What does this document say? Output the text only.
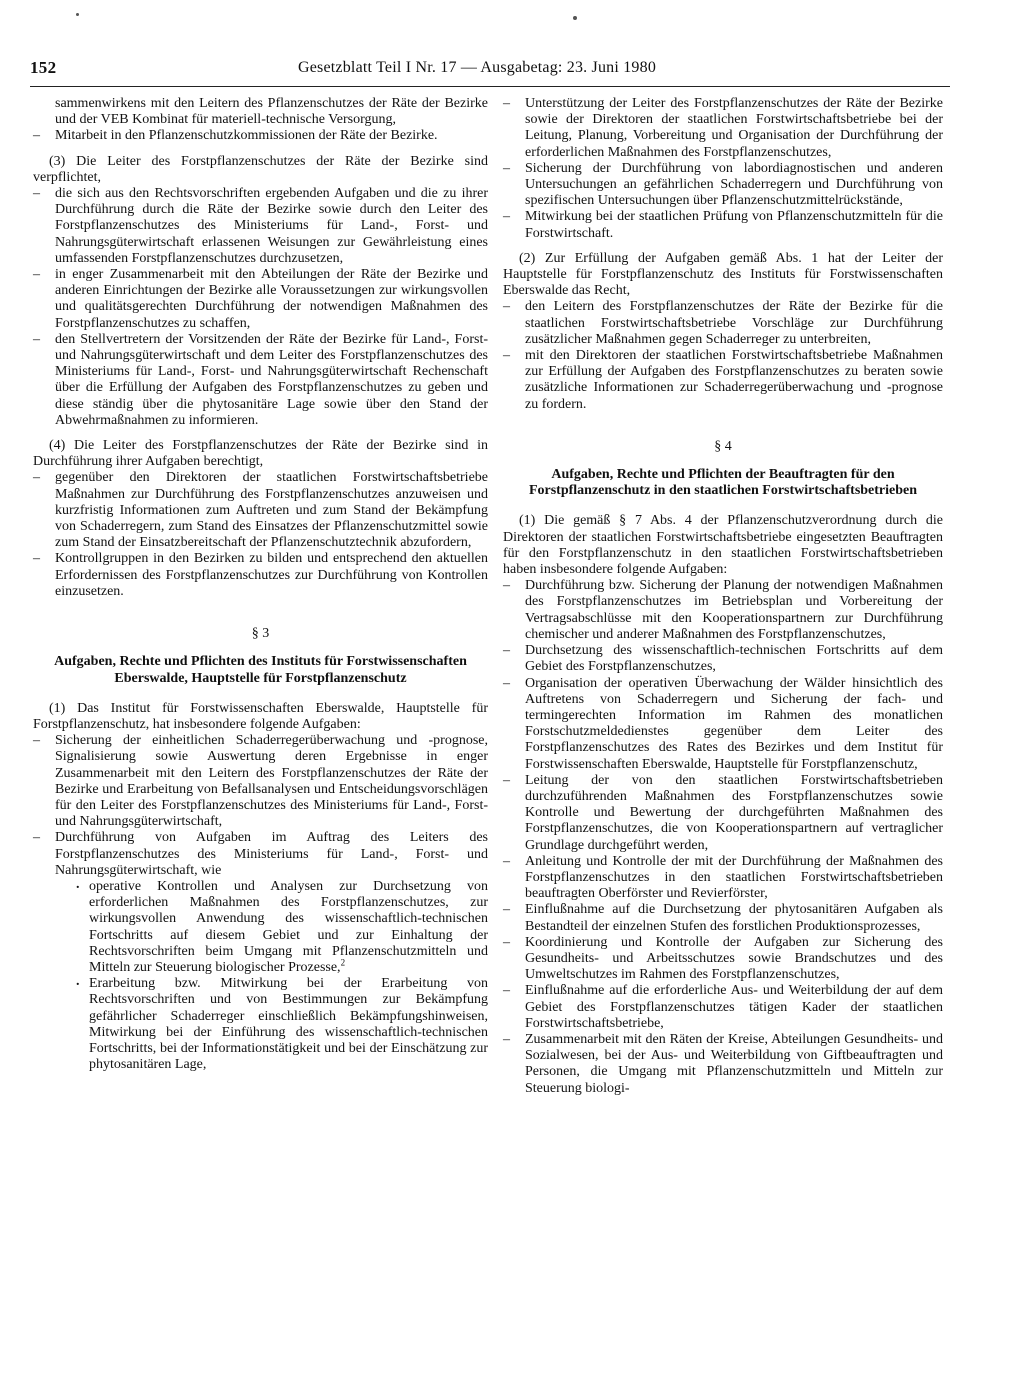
152	Gesetzblatt Teil I Nr. 17 — Ausgabetag: 23. Juni 1980

sammenwirkens mit den Leitern des Pflanzenschutzes der Räte der Bezirke und der VEB Kombinat für materiell-technische Versorgung,

– Mitarbeit in den Pflanzenschutzkommissionen der Räte der Bezirke.

(3) Die Leiter des Forstpflanzenschutzes der Räte der Bezirke sind verpflichtet,

– die sich aus den Rechtsvorschriften ergebenden Aufgaben und die zu ihrer Durchführung durch die Räte der Bezirke sowie durch den Leiter des Forstpflanzenschutzes des Ministeriums für Land-, Forst- und Nahrungsgüterwirtschaft erlassenen Weisungen zur Gewährleistung eines umfassenden Forstpflanzenschutzes durchzusetzen,

– in enger Zusammenarbeit mit den Abteilungen der Räte der Bezirke und anderen Einrichtungen der Bezirke alle Voraussetzungen zur wirkungsvollen und qualitätsgerechten Durchführung der notwendigen Maßnahmen des Forstpflanzenschutzes zu schaffen,

– den Stellvertretern der Vorsitzenden der Räte der Bezirke für Land-, Forst- und Nahrungsgüterwirtschaft und dem Leiter des Forstpflanzenschutzes des Ministeriums für Land-, Forst- und Nahrungsgüterwirtschaft Rechenschaft über die Erfüllung der Aufgaben des Forstpflanzenschutzes zu geben und diese ständig über die phytosanitäre Lage sowie über den Stand der Abwehrmaßnahmen zu informieren.

(4) Die Leiter des Forstpflanzenschutzes der Räte der Bezirke sind in Durchführung ihrer Aufgaben berechtigt,

– gegenüber den Direktoren der staatlichen Forstwirtschaftsbetriebe Maßnahmen zur Durchführung des Forstpflanzenschutzes anzuweisen und kurzfristig Informationen zum Auftreten und zum Stand der Bekämpfung von Schaderregern, zum Stand des Einsatzes der Pflanzenschutzmittel sowie zum Stand der Einsatzbereitschaft der Pflanzenschutztechnik abzufordern,

– Kontrollgruppen in den Bezirken zu bilden und entsprechend den aktuellen Erfordernissen des Forstpflanzenschutzes zur Durchführung von Kontrollen einzusetzen.

§ 3
Aufgaben, Rechte und Pflichten des Instituts für Forstwissenschaften Eberswalde, Hauptstelle für Forstpflanzenschutz

(1) Das Institut für Forstwissenschaften Eberswalde, Hauptstelle für Forstpflanzenschutz, hat insbesondere folgende Aufgaben:

– Sicherung der einheitlichen Schaderregerüberwachung und -prognose, Signalisierung sowie Auswertung deren Ergebnisse in enger Zusammenarbeit mit den Leitern des Forstpflanzenschutzes der Räte der Bezirke und Erarbeitung von Befallsanalysen und Entscheidungsvorschlägen für den Leiter des Forstpflanzenschutzes des Ministeriums für Land-, Forst- und Nahrungsgüterwirtschaft,

– Durchführung von Aufgaben im Auftrag des Leiters des Forstpflanzenschutzes des Ministeriums für Land-, Forst- und Nahrungsgüterwirtschaft, wie

. operative Kontrollen und Analysen zur Durchsetzung von erforderlichen Maßnahmen des Forstpflanzenschutzes, zur wirkungsvollen Anwendung des wissenschaftlich-technischen Fortschritts auf diesem Gebiet und zur Einhaltung der Rechtsvorschriften beim Umgang mit Pflanzenschutzmitteln und Mitteln zur Steuerung biologischer Prozesse,$^2$

. Erarbeitung bzw. Mitwirkung bei der Erarbeitung von Rechtsvorschriften und von Bestimmungen zur Bekämpfung gefährlicher Schaderreger einschließlich Bekämpfungshinweisen, Mitwirkung bei der Einführung des wissenschaftlich-technischen Fortschritts, bei der Informationstätigkeit und bei der Einschätzung zur phytosanitären Lage,

– Unterstützung der Leiter des Forstpflanzenschutzes der Räte der Bezirke sowie der Direktoren der staatlichen Forstwirtschaftsbetriebe bei der Leitung, Planung, Vorbereitung und Organisation der Durchführung der erforderlichen Maßnahmen des Forstpflanzenschutzes,

– Sicherung der Durchführung von labordiagnostischen und anderen Untersuchungen an gefährlichen Schaderregern und Durchführung von spezifischen Untersuchungen über Pflanzenschutzmittelrückstände,

– Mitwirkung bei der staatlichen Prüfung von Pflanzenschutzmitteln für die Forstwirtschaft.

(2) Zur Erfüllung der Aufgaben gemäß Abs. 1 hat der Leiter der Hauptstelle für Forstpflanzenschutz des Instituts für Forstwissenschaften Eberswalde das Recht,

– den Leitern des Forstpflanzenschutzes der Räte der Bezirke für die staatlichen Forstwirtschaftsbetriebe Vorschläge zur Durchführung zusätzlicher Maßnahmen gegen Schaderreger zu unterbreiten,

– mit den Direktoren der staatlichen Forstwirtschaftsbetriebe Maßnahmen zur Erfüllung der Aufgaben des Forstpflanzenschutzes zu beraten sowie zusätzliche Informationen zur Schaderregerüberwachung und -prognose zu fordern.

§ 4
Aufgaben, Rechte und Pflichten der Beauftragten für den Forstpflanzenschutz in den staatlichen Forstwirtschaftsbetrieben

(1) Die gemäß § 7 Abs. 4 der Pflanzenschutzverordnung durch die Direktoren der staatlichen Forstwirtschaftsbetriebe eingesetzten Beauftragten für den Forstpflanzenschutz in den staatlichen Forstwirtschaftsbetrieben haben insbesondere folgende Aufgaben:

– Durchführung bzw. Sicherung der Planung der notwendigen Maßnahmen des Forstpflanzenschutzes im Betriebsplan und Vorbereitung der Vertragsabschlüsse mit den Kooperationspartnern zur Durchführung chemischer und anderer Maßnahmen des Forstpflanzenschutzes,

– Durchsetzung des wissenschaftlich-technischen Fortschritts auf dem Gebiet des Forstpflanzenschutzes,

– Organisation der operativen Überwachung der Wälder hinsichtlich des Auftretens von Schaderregern und Sicherung der fach- und termingerechten Information im Rahmen des monatlichen Forstschutzmeldedienstes gegenüber dem Leiter des Forstpflanzenschutzes des Rates des Bezirkes und dem Institut für Forstwissenschaften Eberswalde, Hauptstelle für Forstpflanzenschutz,

– Leitung der von den staatlichen Forstwirtschaftsbetrieben durchzuführenden Maßnahmen des Forstpflanzenschutzes sowie Kontrolle und Bewertung der durchgeführten Maßnahmen des Forstpflanzenschutzes, die von Kooperationspartnern auf vertraglicher Grundlage durchgeführt werden,

– Anleitung und Kontrolle der mit der Durchführung der Maßnahmen des Forstpflanzenschutzes in den staatlichen Forstwirtschaftsbetrieben beauftragten Oberförster und Revierförster,

– Einflußnahme auf die Durchsetzung der phytosanitären Aufgaben als Bestandteil der einzelnen Stufen des forstlichen Produktionsprozesses,

– Koordinierung und Kontrolle der Aufgaben zur Sicherung des Gesundheits- und Arbeitsschutzes sowie Brandschutzes und des Umweltschutzes im Rahmen des Forstpflanzenschutzes,

– Einflußnahme auf die erforderliche Aus- und Weiterbildung der auf dem Gebiet des Forstpflanzenschutzes tätigen Kader der staatlichen Forstwirtschaftsbetriebe,

– Zusammenarbeit mit den Räten der Kreise, Abteilungen Gesundheits- und Sozialwesen, bei der Aus- und Weiterbildung von Giftbeauftragten und Personen, die Umgang mit Pflanzenschutzmitteln und Mitteln zur Steuerung biologi-
